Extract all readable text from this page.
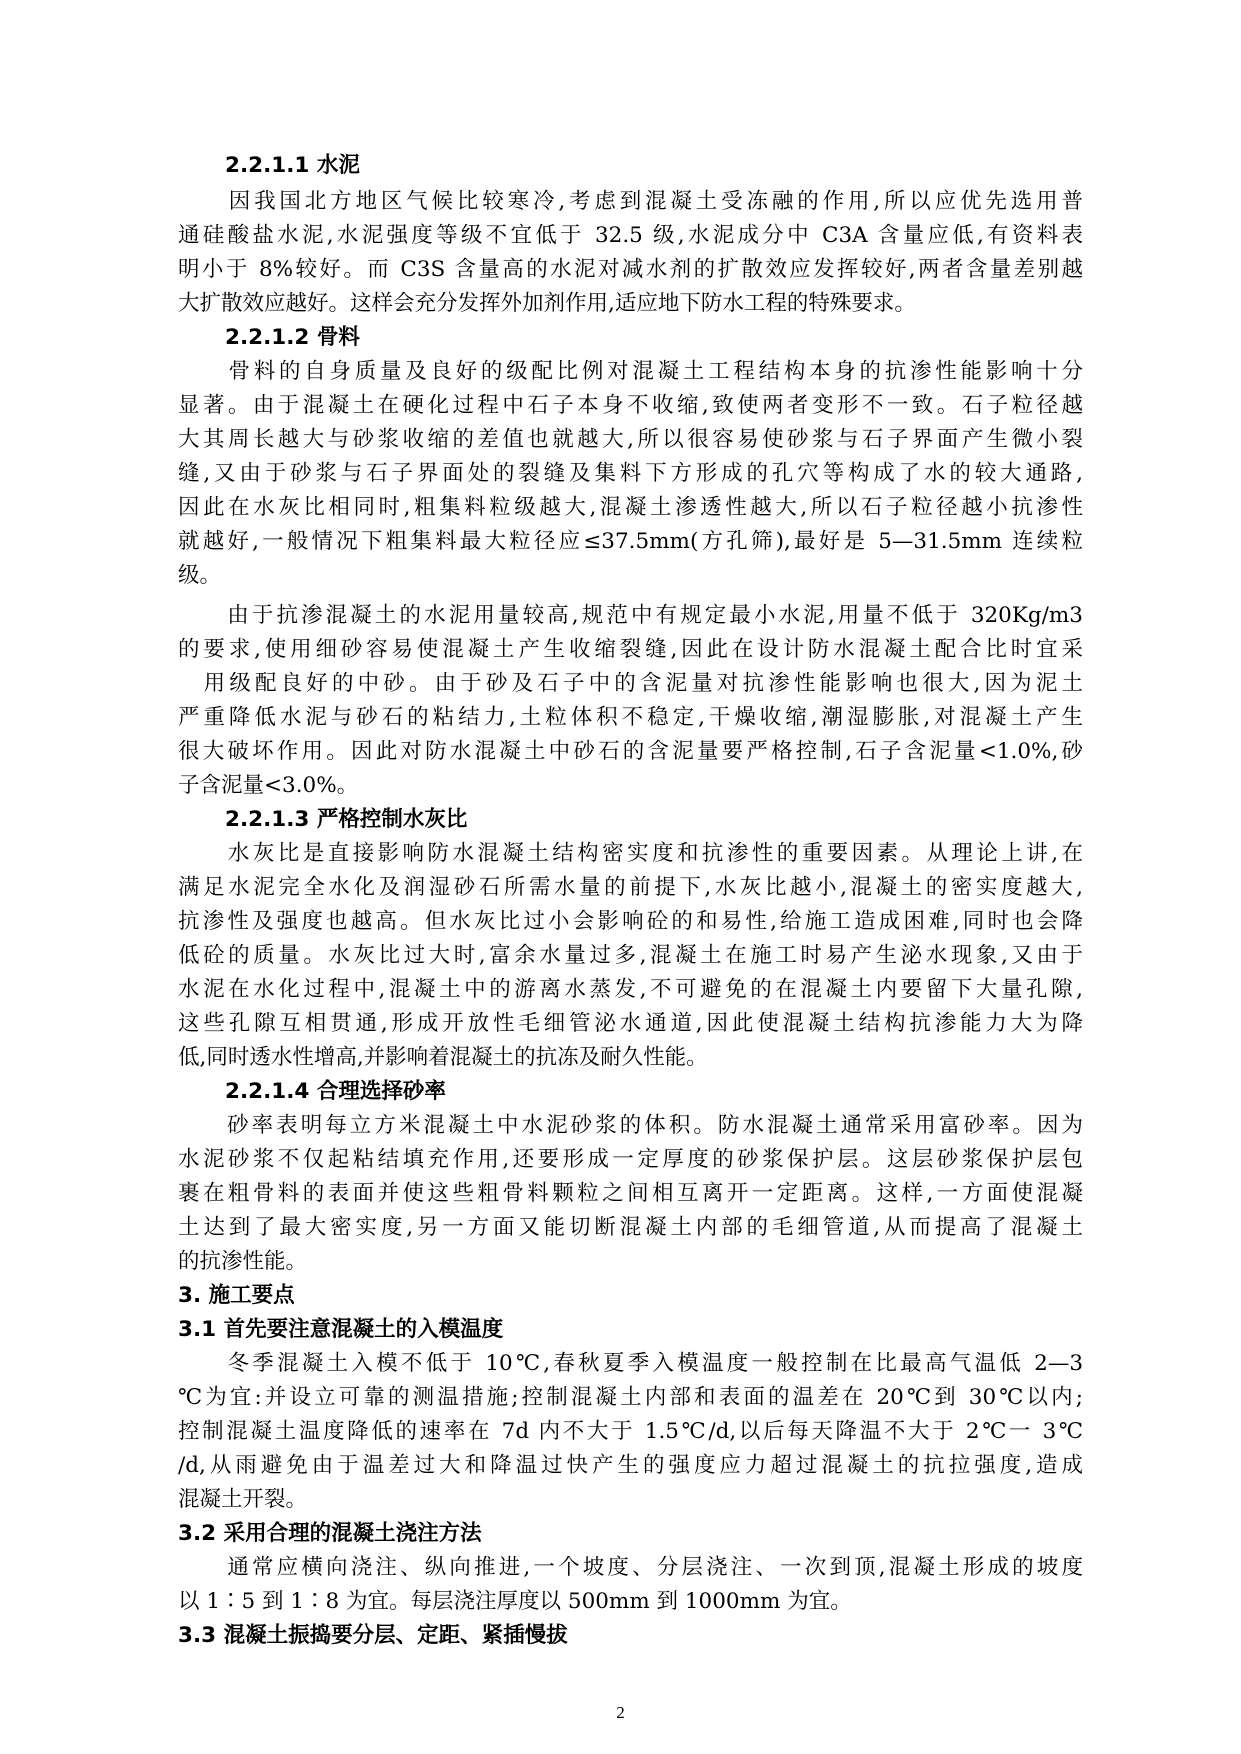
2.2.1.1 水泥
　　因我国北方地区气候比较寒冷,考虑到混凝土受冻融的作用,所以应优先选用普
通硅酸盐水泥,水泥强度等级不宜低于 32.5 级,水泥成分中 C3A 含量应低,有资料表
明小于 8%较好。而 C3S 含量高的水泥对减水剂的扩散效应发挥较好,两者含量差别越
大扩散效应越好。这样会充分发挥外加剂作用,适应地下防水工程的特殊要求。
2.2.1.2 骨料
　　骨料的自身质量及良好的级配比例对混凝土工程结构本身的抗渗性能影响十分
显著。由于混凝土在硬化过程中石子本身不收缩,致使两者变形不一致。石子粒径越
大其周长越大与砂浆收缩的差值也就越大,所以很容易使砂浆与石子界面产生微小裂
缝,又由于砂浆与石子界面处的裂缝及集料下方形成的孔穴等构成了水的较大通路,
因此在水灰比相同时,粗集料粒级越大,混凝土渗透性越大,所以石子粒径越小抗渗性
就越好,一般情况下粗集料最大粒径应≤37.5mm(方孔筛),最好是 5—31.5mm 连续粒
级。
　　由于抗渗混凝土的水泥用量较高,规范中有规定最小水泥,用量不低于 320Kg/m3
的要求,使用细砂容易使混凝土产生收缩裂缝,因此在设计防水混凝土配合比时宜采
　用级配良好的中砂。由于砂及石子中的含泥量对抗渗性能影响也很大,因为泥土
严重降低水泥与砂石的粘结力,土粒体积不稳定,干燥收缩,潮湿膨胀,对混凝土产生
很大破坏作用。因此对防水混凝土中砂石的含泥量要严格控制,石子含泥量<1.0%,砂
子含泥量<3.0%。
2.2.1.3 严格控制水灰比
　　水灰比是直接影响防水混凝土结构密实度和抗渗性的重要因素。从理论上讲,在
满足水泥完全水化及润湿砂石所需水量的前提下,水灰比越小,混凝土的密实度越大,
抗渗性及强度也越高。但水灰比过小会影响砼的和易性,给施工造成困难,同时也会降
低砼的质量。水灰比过大时,富余水量过多,混凝土在施工时易产生泌水现象,又由于
水泥在水化过程中,混凝土中的游离水蒸发,不可避免的在混凝土内要留下大量孔隙,
这些孔隙互相贯通,形成开放性毛细管泌水通道,因此使混凝土结构抗渗能力大为降
低,同时透水性增高,并影响着混凝土的抗冻及耐久性能。
2.2.1.4 合理选择砂率
　　砂率表明每立方米混凝土中水泥砂浆的体积。防水混凝土通常采用富砂率。因为
水泥砂浆不仅起粘结填充作用,还要形成一定厚度的砂浆保护层。这层砂浆保护层包
裹在粗骨料的表面并使这些粗骨料颗粒之间相互离开一定距离。这样,一方面使混凝
土达到了最大密实度,另一方面又能切断混凝土内部的毛细管道,从而提高了混凝土
的抗渗性能。
3. 施工要点
3.1 首先要注意混凝土的入模温度
　　冬季混凝土入模不低于 10℃,春秋夏季入模温度一般控制在比最高气温低 2—3
℃为宜:并设立可靠的测温措施;控制混凝土内部和表面的温差在 20℃到 30℃以内;
控制混凝土温度降低的速率在 7d 内不大于 1.5℃/d,以后每天降温不大于 2℃一 3℃
/d,从雨避免由于温差过大和降温过快产生的强度应力超过混凝土的抗拉强度,造成
混凝土开裂。
3.2 采用合理的混凝土浇注方法
　　通常应横向浇注、纵向推进,一个坡度、分层浇注、一次到顶,混凝土形成的坡度
以 1∶5 到 1∶8 为宜。每层浇注厚度以 500mm 到 1000mm 为宜。
3.3 混凝土振捣要分层、定距、紧插慢拔
2
